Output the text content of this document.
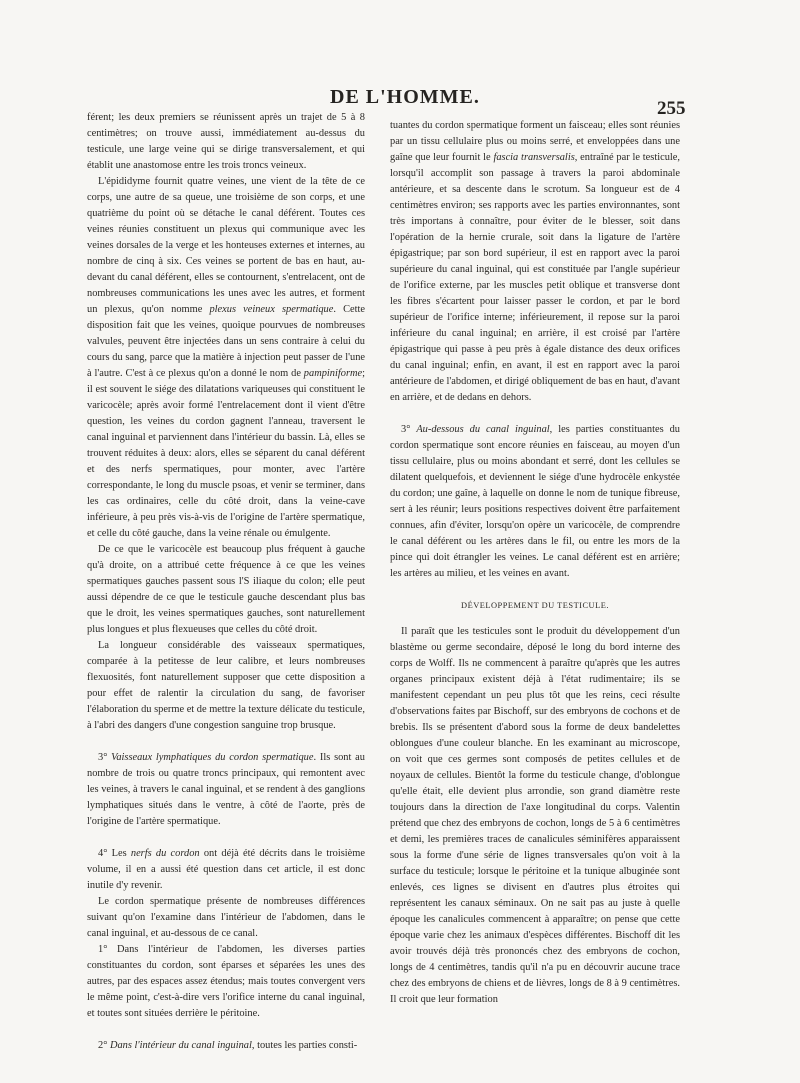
DE L'HOMME.
255

férent; les deux premiers se réunissent après un trajet de 5 à 8 centimètres; on trouve aussi, immédiatement au-dessus du testicule, une large veine qui se dirige transversalement, et qui établit une anastomose entre les trois troncs veineux.

L'épididyme fournit quatre veines, une vient de la tête de ce corps, une autre de sa queue, une troisième de son corps, et une quatrième du point où se détache le canal déférent. Toutes ces veines réunies constituent un plexus qui communique avec les veines dorsales de la verge et les honteuses externes et internes, au nombre de cinq à six. Ces veines se portent de bas en haut, au-devant du canal déférent, elles se contournent, s'entrelacent, ont de nombreuses communications les unes avec les autres, et forment un plexus, qu'on nomme plexus veineux spermatique. Cette disposition fait que les veines, quoique pourvues de nombreuses valvules, peuvent être injectées dans un sens contraire à celui du cours du sang, parce que la matière à injection peut passer de l'une à l'autre. C'est à ce plexus qu'on a donné le nom de pampiniforme; il est souvent le siége des dilatations variqueuses qui constituent le varicocèle; après avoir formé l'entrelacement dont il vient d'être question, les veines du cordon gagnent l'anneau, traversent le canal inguinal et parviennent dans l'intérieur du bassin. Là, elles se trouvent réduites à deux: alors, elles se séparent du canal déférent et des nerfs spermatiques, pour monter, avec l'artère correspondante, le long du muscle psoas, et venir se terminer, dans les cas ordinaires, celle du côté droit, dans la veine-cave inférieure, à peu près vis-à-vis de l'origine de l'artère spermatique, et celle du côté gauche, dans la veine rénale ou émulgente.

De ce que le varicocèle est beaucoup plus fréquent à gauche qu'à droite, on a attribué cette fréquence à ce que les veines spermatiques gauches passent sous l'S iliaque du colon; elle peut aussi dépendre de ce que le testicule gauche descendant plus bas que le droit, les veines spermatiques gauches, sont naturellement plus longues et plus flexueuses que celles du côté droit.

La longueur considérable des vaisseaux spermatiques, comparée à la petitesse de leur calibre, et leurs nombreuses flexuosités, font naturellement supposer que cette disposition a pour effet de ralentir la circulation du sang, de favoriser l'élaboration du sperme et de mettre la texture délicate du testicule, à l'abri des dangers d'une congestion sanguine trop brusque.

3° Vaisseaux lymphatiques du cordon spermatique. Ils sont au nombre de trois ou quatre troncs principaux, qui remontent avec les veines, à travers le canal inguinal, et se rendent à des ganglions lymphatiques situés dans le ventre, à côté de l'aorte, près de l'origine de l'artère spermatique.

4° Les nerfs du cordon ont déjà été décrits dans le troisième volume, il en a aussi été question dans cet article, il est donc inutile d'y revenir.

Le cordon spermatique présente de nombreuses différences suivant qu'on l'examine dans l'intérieur de l'abdomen, dans le canal inguinal, et au-dessous de ce canal.

1° Dans l'intérieur de l'abdomen, les diverses parties constituantes du cordon, sont éparses et séparées les unes des autres, par des espaces assez étendus; mais toutes convergent vers le même point, c'est-à-dire vers l'orifice interne du canal inguinal, et toutes sont situées derrière le péritoine.

2° Dans l'intérieur du canal inguinal, toutes les parties consti-

tuantes du cordon spermatique forment un faisceau; elles sont réunies par un tissu cellulaire plus ou moins serré, et enveloppées dans une gaîne que leur fournit le fascia transversalis, entraîné par le testicule, lorsqu'il accomplit son passage à travers la paroi abdominale antérieure, et sa descente dans le scrotum. Sa longueur est de 4 centimètres environ; ses rapports avec les parties environnantes, sont très importans à connaître, pour éviter de le blesser, soit dans l'opération de la hernie crurale, soit dans la ligature de l'artère épigastrique; par son bord supérieur, il est en rapport avec la paroi supérieure du canal inguinal, qui est constituée par l'angle supérieur de l'orifice externe, par les muscles petit oblique et transverse dont les fibres s'écartent pour laisser passer le cordon, et par le bord supérieur de l'orifice interne; inférieurement, il repose sur la paroi inférieure du canal inguinal; en arrière, il est croisé par l'artère épigastrique qui passe à peu près à égale distance des deux orifices du canal inguinal; enfin, en avant, il est en rapport avec la paroi antérieure de l'abdomen, et dirigé obliquement de bas en haut, d'avant en arrière, et de dedans en dehors.

3° Au-dessous du canal inguinal, les parties constituantes du cordon spermatique sont encore réunies en faisceau, au moyen d'un tissu cellulaire, plus ou moins abondant et serré, dont les cellules se dilatent quelquefois, et deviennent le siége d'une hydrocèle enkystée du cordon; une gaîne, à laquelle on donne le nom de tunique fibreuse, sert à les réunir; leurs positions respectives doivent être parfaitement connues, afin d'éviter, lorsqu'on opère un varicocèle, de comprendre le canal déférent ou les artères dans le fil, ou entre les mors de la pince qui doit étrangler les veines. Le canal déférent est en arrière; les artères au milieu, et les veines en avant.

DÉVELOPPEMENT DU TESTICULE.

Il paraît que les testicules sont le produit du développement d'un blastème ou germe secondaire, déposé le long du bord interne des corps de Wolff. Ils ne commencent à paraître qu'après que les autres organes principaux existent déjà à l'état rudimentaire; ils se manifestent cependant un peu plus tôt que les reins, ceci résulte d'observations faites par Bischoff, sur des embryons de cochons et de brebis. Ils se présentent d'abord sous la forme de deux bandelettes oblongues d'une couleur blanche. En les examinant au microscope, on voit que ces germes sont composés de petites cellules et de noyaux de cellules. Bientôt la forme du testicule change, d'oblongue qu'elle était, elle devient plus arrondie, son grand diamètre reste toujours dans la direction de l'axe longitudinal du corps. Valentin prétend que chez des embryons de cochon, longs de 5 à 6 centimètres et demi, les premières traces de canalicules séminifères apparaissent sous la forme d'une série de lignes transversales qu'on voit à la surface du testicule; lorsque le péritoine et la tunique albuginée sont enlevés, ces lignes se divisent en d'autres plus étroites qui représentent les canaux séminaux. On ne sait pas au juste à quelle époque les canalicules commencent à apparaître; on pense que cette époque varie chez les animaux d'espèces différentes. Bischoff dit les avoir trouvés déjà très prononcés chez des embryons de cochon, longs de 4 centimètres, tandis qu'il n'a pu en découvrir aucune trace chez des embryons de chiens et de lièvres, longs de 8 à 9 centimètres. Il croit que leur formation
